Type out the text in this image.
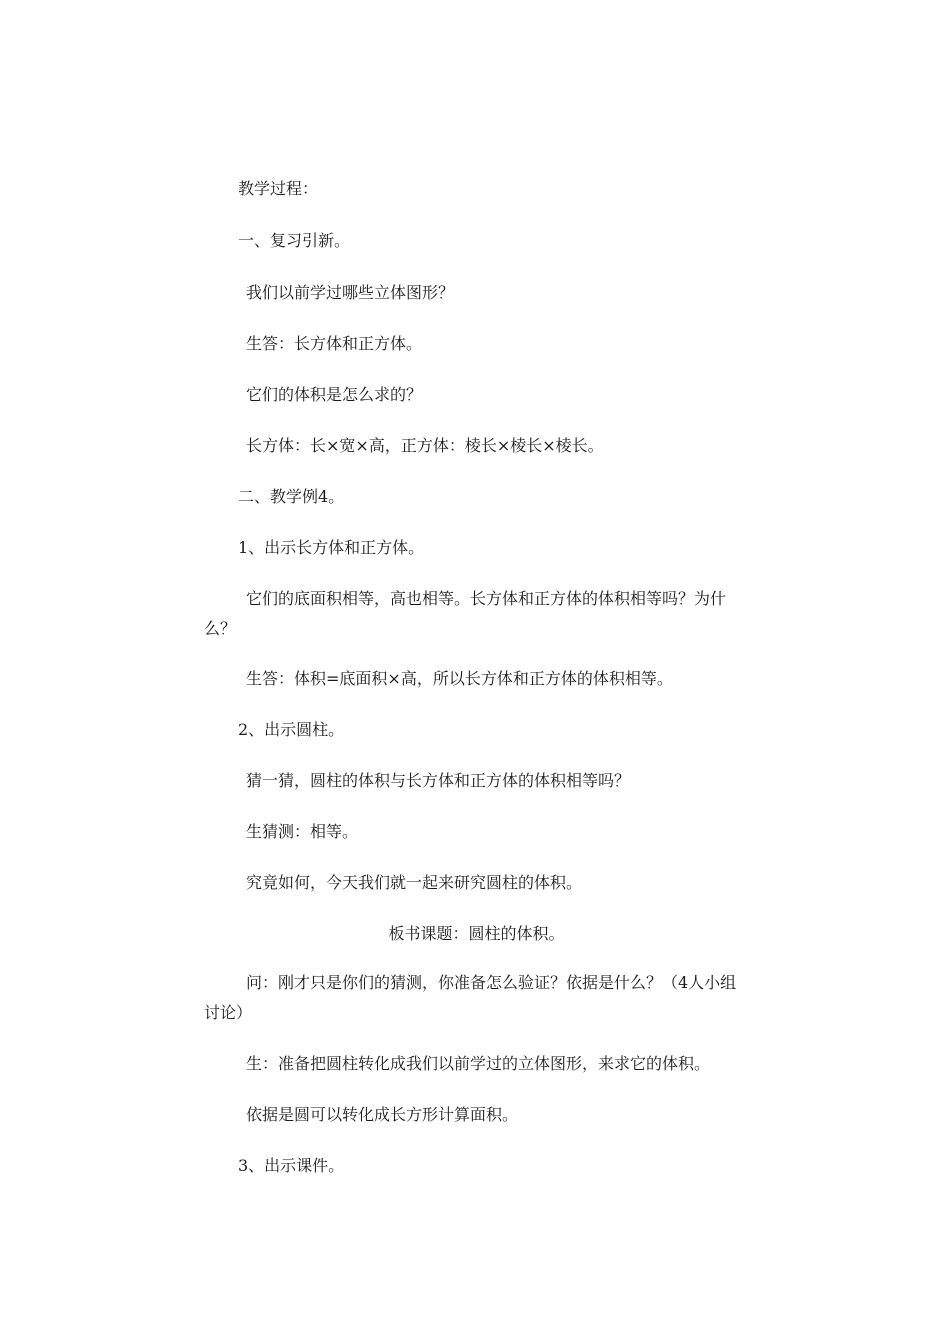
教学过程：
一、复习引新。
我们以前学过哪些立体图形？
生答：长方体和正方体。
它们的体积是怎么求的？
长方体：长×宽×高，正方体：棱长×棱长×棱长。
二、教学例4。
1、出示长方体和正方体。
它们的底面积相等，高也相等。长方体和正方体的体积相等吗？为什么？
生答：体积=底面积×高，所以长方体和正方体的体积相等。
2、出示圆柱。
猜一猜，圆柱的体积与长方体和正方体的体积相等吗？
生猜测：相等。
究竟如何，今天我们就一起来研究圆柱的体积。
板书课题：圆柱的体积。
问：刚才只是你们的猜测，你准备怎么验证？依据是什么？（4人小组讨论）
生：准备把圆柱转化成我们以前学过的立体图形，来求它的体积。
依据是圆可以转化成长方形计算面积。
3、出示课件。
